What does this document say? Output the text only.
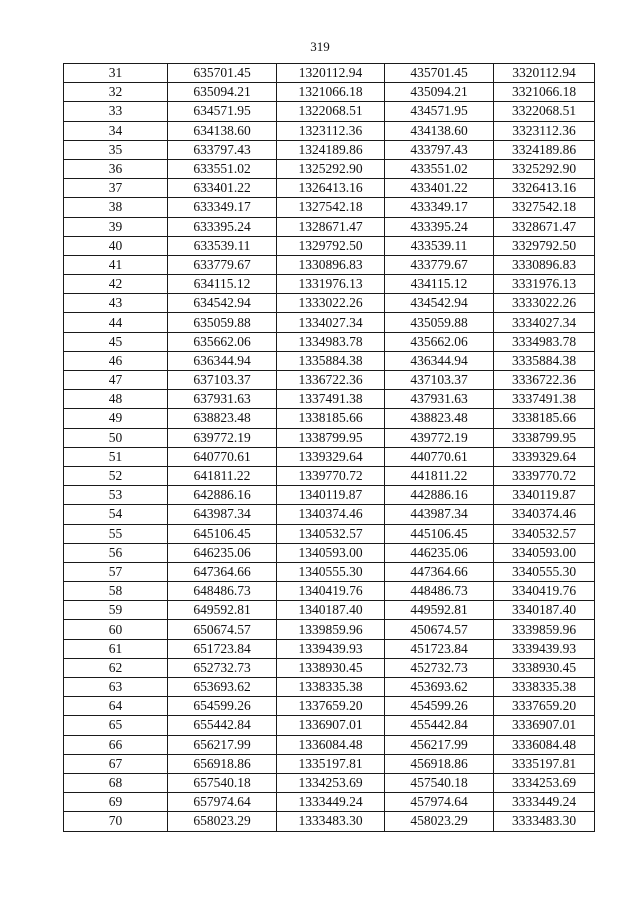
319
31	635701.45	1320112.94	435701.45	3320112.94
32	635094.21	1321066.18	435094.21	3321066.18
33	634571.95	1322068.51	434571.95	3322068.51
34	634138.60	1323112.36	434138.60	3323112.36
35	633797.43	1324189.86	433797.43	3324189.86
36	633551.02	1325292.90	433551.02	3325292.90
37	633401.22	1326413.16	433401.22	3326413.16
38	633349.17	1327542.18	433349.17	3327542.18
39	633395.24	1328671.47	433395.24	3328671.47
40	633539.11	1329792.50	433539.11	3329792.50
41	633779.67	1330896.83	433779.67	3330896.83
42	634115.12	1331976.13	434115.12	3331976.13
43	634542.94	1333022.26	434542.94	3333022.26
44	635059.88	1334027.34	435059.88	3334027.34
45	635662.06	1334983.78	435662.06	3334983.78
46	636344.94	1335884.38	436344.94	3335884.38
47	637103.37	1336722.36	437103.37	3336722.36
48	637931.63	1337491.38	437931.63	3337491.38
49	638823.48	1338185.66	438823.48	3338185.66
50	639772.19	1338799.95	439772.19	3338799.95
51	640770.61	1339329.64	440770.61	3339329.64
52	641811.22	1339770.72	441811.22	3339770.72
53	642886.16	1340119.87	442886.16	3340119.87
54	643987.34	1340374.46	443987.34	3340374.46
55	645106.45	1340532.57	445106.45	3340532.57
56	646235.06	1340593.00	446235.06	3340593.00
57	647364.66	1340555.30	447364.66	3340555.30
58	648486.73	1340419.76	448486.73	3340419.76
59	649592.81	1340187.40	449592.81	3340187.40
60	650674.57	1339859.96	450674.57	3339859.96
61	651723.84	1339439.93	451723.84	3339439.93
62	652732.73	1338930.45	452732.73	3338930.45
63	653693.62	1338335.38	453693.62	3338335.38
64	654599.26	1337659.20	454599.26	3337659.20
65	655442.84	1336907.01	455442.84	3336907.01
66	656217.99	1336084.48	456217.99	3336084.48
67	656918.86	1335197.81	456918.86	3335197.81
68	657540.18	1334253.69	457540.18	3334253.69
69	657974.64	1333449.24	457974.64	3333449.24
70	658023.29	1333483.30	458023.29	3333483.30
